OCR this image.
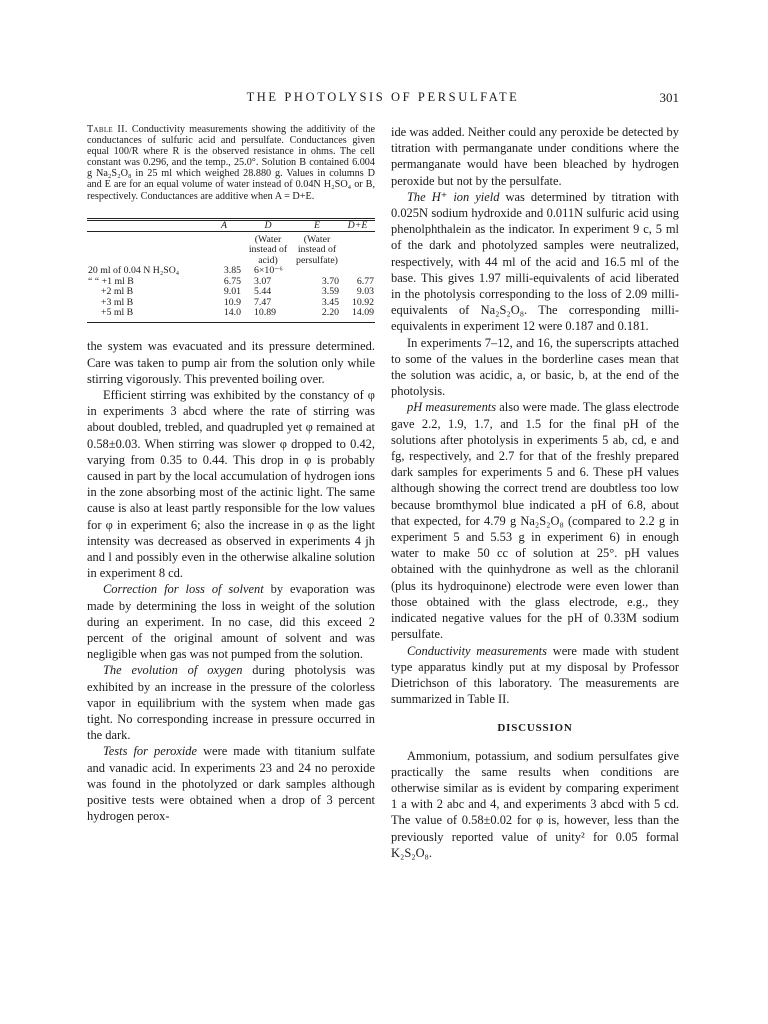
THE PHOTOLYSIS OF PERSULFATE	301

Table II. Conductivity measurements showing the additivity of the conductances of sulfuric acid and persulfate. Conductances given equal 100/R where R is the observed resistance in ohms. The cell constant was 0.296, and the temp., 25.0°. Solution B contained 6.004 g Na₂S₂O₈ in 25 ml which weighed 28.880 g. Values in columns D and E are for an equal volume of water instead of 0.04N H₂SO₄ or B, respectively. Conductances are additive when A = D+E.

	A	D	E	D+E
		(Water instead of acid)	(Water instead of persulfate)	
20 ml of 0.04 N H₂SO₄	3.85	6×10⁻⁶		
“ “ +1 ml B	6.75	3.07	3.70	6.77
+2 ml B	9.01	5.44	3.59	9.03
+3 ml B	10.9	7.47	3.45	10.92
+5 ml B	14.0	10.89	2.20	14.09

the system was evacuated and its pressure determined. Care was taken to pump air from the solution only while stirring vigorously. This prevented boiling over.

Efficient stirring was exhibited by the constancy of φ in experiments 3 abcd where the rate of stirring was about doubled, trebled, and quadrupled yet φ remained at 0.58±0.03. When stirring was slower φ dropped to 0.42, varying from 0.35 to 0.44. This drop in φ is probably caused in part by the local accumulation of hydrogen ions in the zone absorbing most of the actinic light. The same cause is also at least partly responsible for the low values for φ in experiment 6; also the increase in φ as the light intensity was decreased as observed in experiments 4 jh and l and possibly even in the otherwise alkaline solution in experiment 8 cd.

Correction for loss of solvent by evaporation was made by determining the loss in weight of the solution during an experiment. In no case, did this exceed 2 percent of the original amount of solvent and was negligible when gas was not pumped from the solution.

The evolution of oxygen during photolysis was exhibited by an increase in the pressure of the colorless vapor in equilibrium with the system when made gas tight. No corresponding increase in pressure occurred in the dark.

Tests for peroxide were made with titanium sulfate and vanadic acid. In experiments 23 and 24 no peroxide was found in the photolyzed or dark samples although positive tests were obtained when a drop of 3 percent hydrogen perox-

ide was added. Neither could any peroxide be detected by titration with permanganate under conditions where the permanganate would have been bleached by hydrogen peroxide but not by the persulfate.

The H⁺ ion yield was determined by titration with 0.025N sodium hydroxide and 0.011N sulfuric acid using phenolphthalein as the indicator. In experiment 9 c, 5 ml of the dark and photolyzed samples were neutralized, respectively, with 44 ml of the acid and 16.5 ml of the base. This gives 1.97 milli-equivalents of acid liberated in the photolysis corresponding to the loss of 2.09 milli-equivalents of Na₂S₂O₈. The corresponding milli-equivalents in experiment 12 were 0.187 and 0.181.

In experiments 7–12, and 16, the superscripts attached to some of the values in the borderline cases mean that the solution was acidic, a, or basic, b, at the end of the photolysis.

pH measurements also were made. The glass electrode gave 2.2, 1.9, 1.7, and 1.5 for the final pH of the solutions after photolysis in experiments 5 ab, cd, e and fg, respectively, and 2.7 for that of the freshly prepared dark samples for experiments 5 and 6. These pH values although showing the correct trend are doubtless too low because bromthymol blue indicated a pH of 6.8, about that expected, for 4.79 g Na₂S₂O₈ (compared to 2.2 g in experiment 5 and 5.53 g in experiment 6) in enough water to make 50 cc of solution at 25°. pH values obtained with the quinhydrone as well as the chloranil (plus its hydroquinone) electrode were even lower than those obtained with the glass electrode, e.g., they indicated negative values for the pH of 0.33M sodium persulfate.

Conductivity measurements were made with student type apparatus kindly put at my disposal by Professor Dietrichson of this laboratory. The measurements are summarized in Table II.

DISCUSSION

Ammonium, potassium, and sodium persulfates give practically the same results when conditions are otherwise similar as is evident by comparing experiment 1 a with 2 abc and 4, and experiments 3 abcd with 5 cd. The value of 0.58±0.02 for φ is, however, less than the previously reported value of unity² for 0.05 formal K₂S₂O₈.
